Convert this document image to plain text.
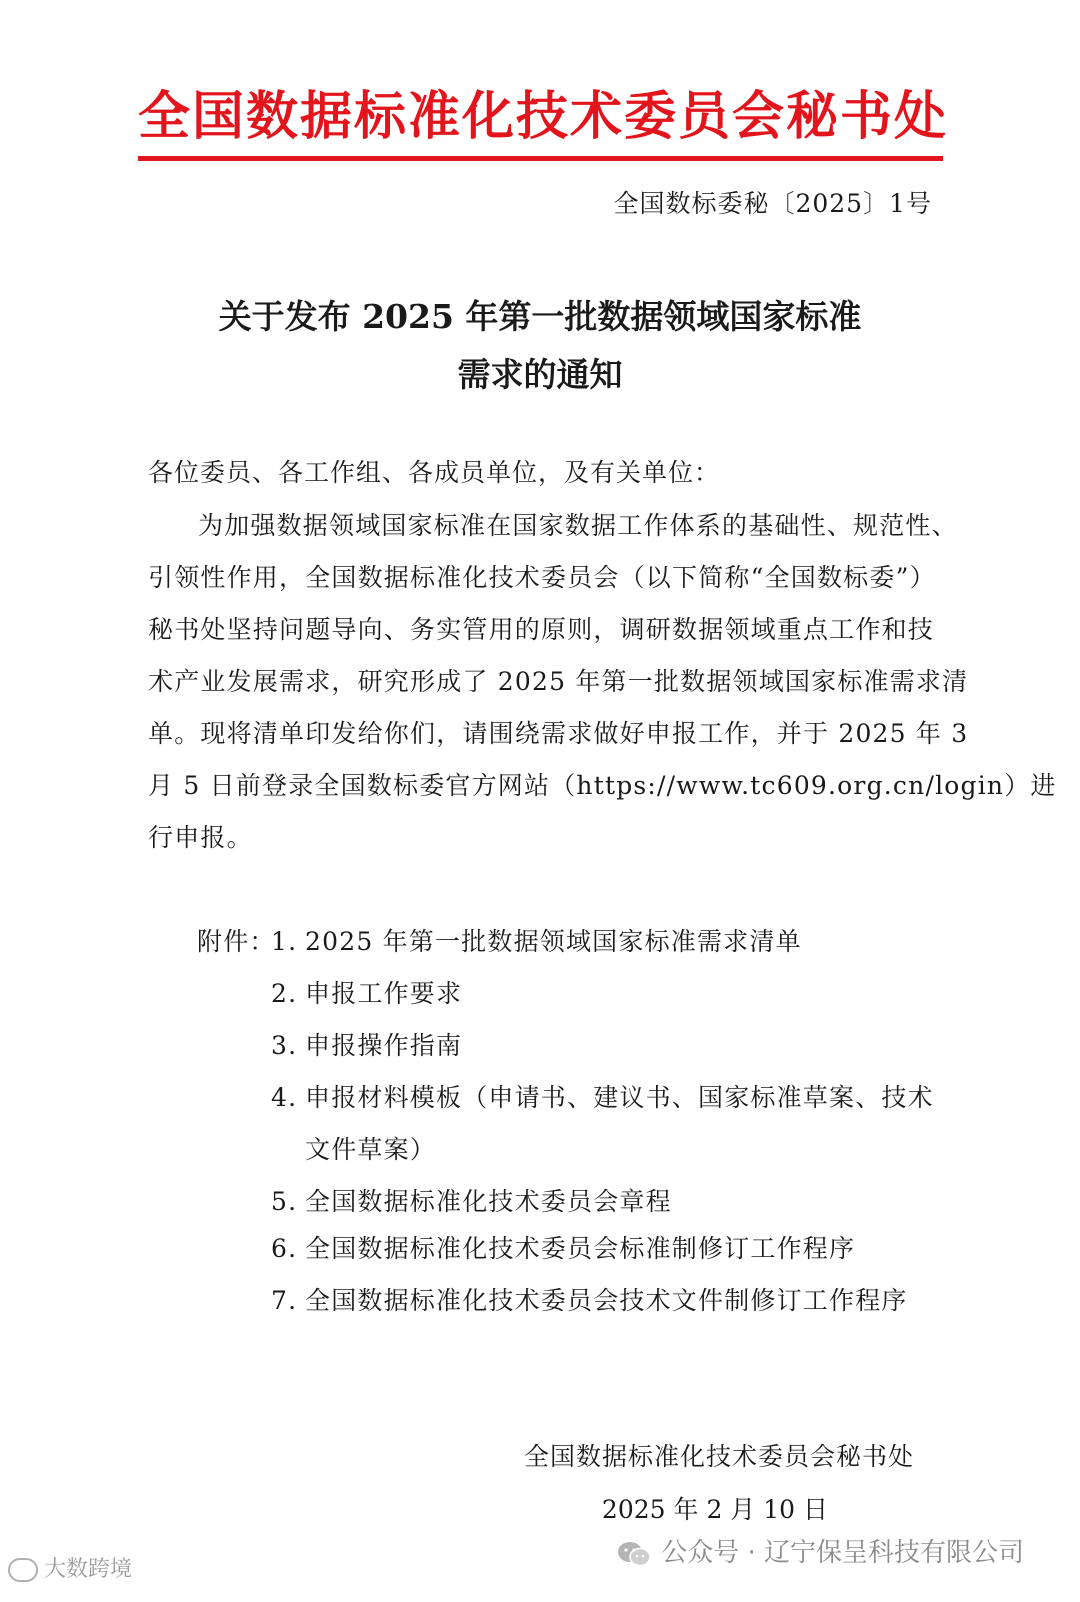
全国数据标准化技术委员会秘书处
全国数标委秘〔2025〕1号
关于发布 2025 年第一批数据领域国家标准
需求的通知
各位委员、各工作组、各成员单位，及有关单位：
为加强数据领域国家标准在国家数据工作体系的基础性、规范性、
引领性作用，全国数据标准化技术委员会（以下简称“全国数标委”）
秘书处坚持问题导向、务实管用的原则，调研数据领域重点工作和技
术产业发展需求，研究形成了 2025 年第一批数据领域国家标准需求清
单。现将清单印发给你们，请围绕需求做好申报工作，并于 2025 年 3
月 5 日前登录全国数标委官方网站（https://www.tc609.org.cn/login）进
行申报。
附件：
1. 2025 年第一批数据领域国家标准需求清单
2. 申报工作要求
3. 申报操作指南
4. 申报材料模板（申请书、建议书、国家标准草案、技术
文件草案）
5. 全国数据标准化技术委员会章程
6. 全国数据标准化技术委员会标准制修订工作程序
7. 全国数据标准化技术委员会技术文件制修订工作程序
全国数据标准化技术委员会秘书处
2025 年 2 月 10 日
大数跨境
公众号 · 辽宁保呈科技有限公司
